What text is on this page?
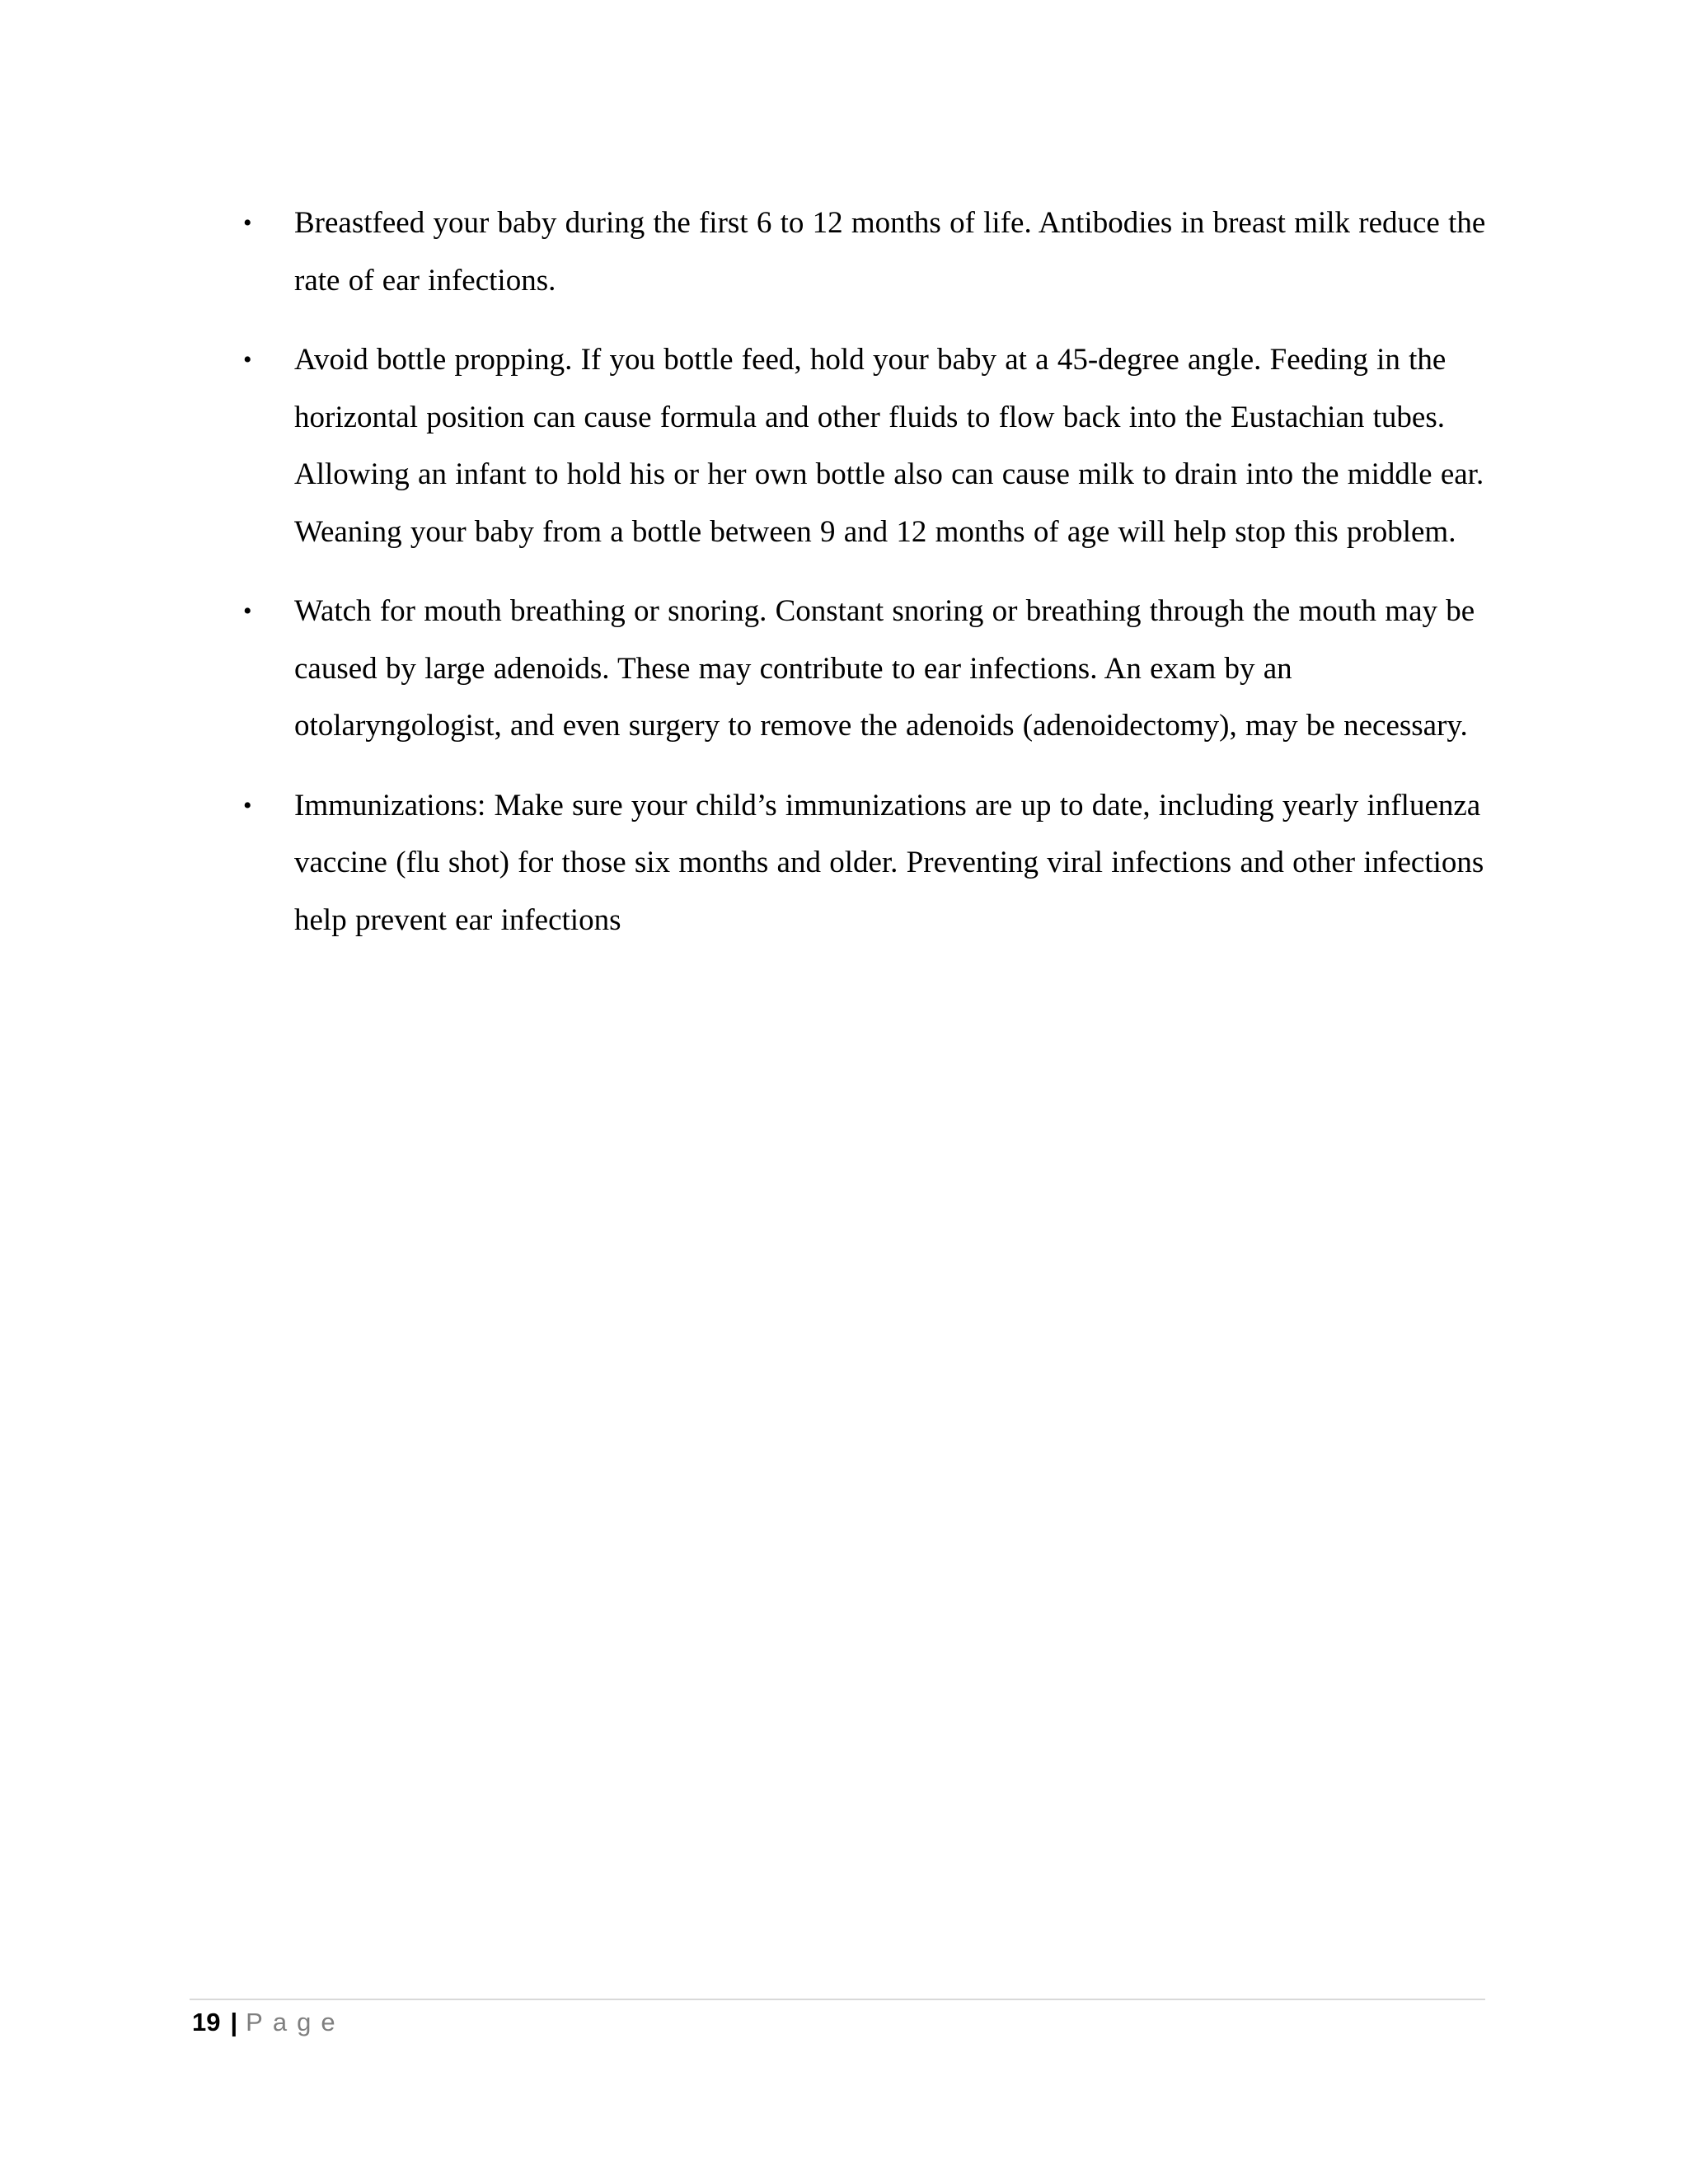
• Breastfeed your baby during the first 6 to 12 months of life. Antibodies in breast milk reduce the rate of ear infections.
• Avoid bottle propping. If you bottle feed, hold your baby at a 45-degree angle. Feeding in the horizontal position can cause formula and other fluids to flow back into the Eustachian tubes. Allowing an infant to hold his or her own bottle also can cause milk to drain into the middle ear. Weaning your baby from a bottle between 9 and 12 months of age will help stop this problem.
• Watch for mouth breathing or snoring. Constant snoring or breathing through the mouth may be caused by large adenoids. These may contribute to ear infections. An exam by an otolaryngologist, and even surgery to remove the adenoids (adenoidectomy), may be necessary.
• Immunizations: Make sure your child’s immunizations are up to date, including yearly influenza vaccine (flu shot) for those six months and older. Preventing viral infections and other infections help prevent ear infections
19 | Page
